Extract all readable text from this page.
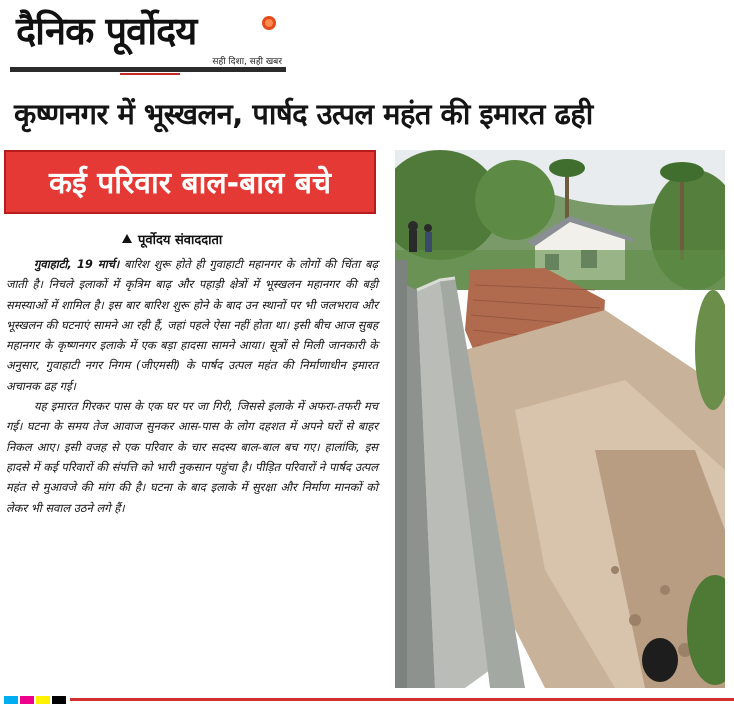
दैनिक पूर्वोदय
सही दिशा, सही खबर
कृष्णनगर में भूस्खलन, पार्षद उत्पल महंत की इमारत ढही
कई परिवार बाल-बाल बचे
पूर्वोदय संवाददाता

गुवाहाटी, 19 मार्च। बारिश शुरू होते ही गुवाहाटी महानगर के लोगों की चिंता बढ़ जाती है। निचले इलाकों में कृत्रिम बाढ़ और पहाड़ी क्षेत्रों में भूस्खलन महानगर की बड़ी समस्याओं में शामिल है। इस बार बारिश शुरू होने के बाद उन स्थानों पर भी जलभराव और भूस्खलन की घटनाएं सामने आ रही हैं, जहां पहले ऐसा नहीं होता था। इसी बीच आज सुबह महानगर के कृष्णनगर इलाके में एक बड़ा हादसा सामने आया। सूत्रों से मिली जानकारी के अनुसार, गुवाहाटी नगर निगम (जीएमसी) के पार्षद उत्पल महंत की निर्माणाधीन इमारत अचानक ढह गई।

यह इमारत गिरकर पास के एक घर पर जा गिरी, जिससे इलाके में अफरा-तफरी मच गई। घटना के समय तेज आवाज सुनकर आस-पास के लोग दहशत में अपने घरों से बाहर निकल आए। इसी वजह से एक परिवार के चार सदस्य बाल-बाल बच गए। हालांकि, इस हादसे में कई परिवारों की संपत्ति को भारी नुकसान पहुंचा है। पीड़ित परिवारों ने पार्षद उत्पल महंत से मुआवजे की मांग की है। घटना के बाद इलाके में सुरक्षा और निर्माण मानकों को लेकर भी सवाल उठने लगे हैं।
